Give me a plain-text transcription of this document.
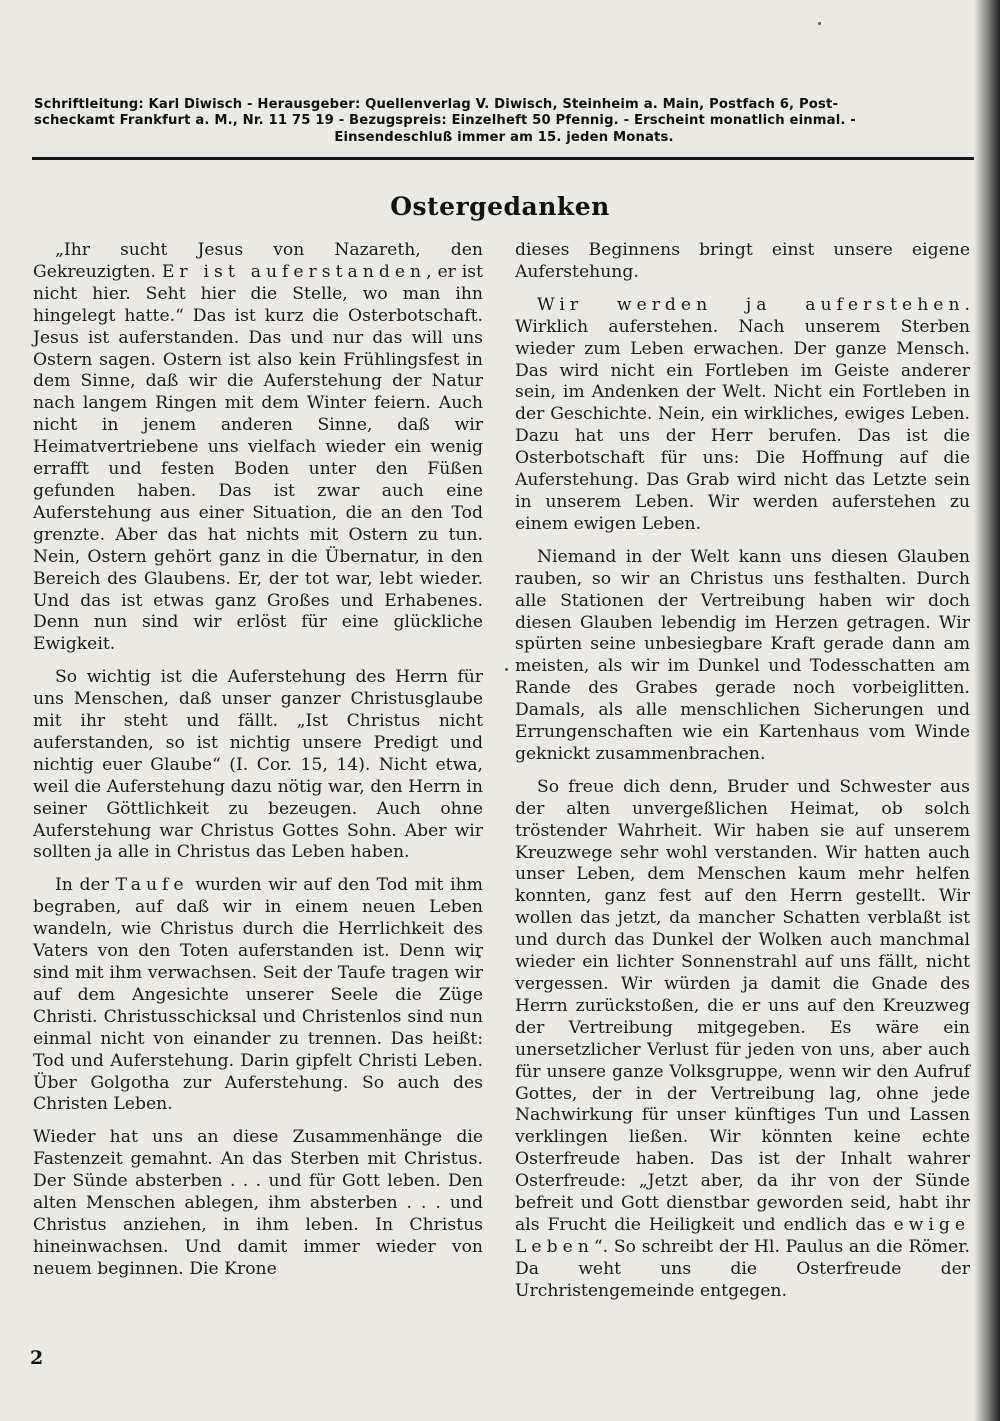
Schriftleitung: Karl Diwisch - Herausgeber: Quellenverlag V. Diwisch, Steinheim a. Main, Postfach 6, Post-
scheckamt Frankfurt a. M., Nr. 11 75 19 - Bezugspreis: Einzelheft 50 Pfennig. - Erscheint monatlich einmal. -
Einsendeschluß immer am 15. jeden Monats.
Ostergedanken

„Ihr sucht Jesus von Nazareth, den Gekreuzigten. Er ist auferstanden, er ist nicht hier. Seht hier die Stelle, wo man ihn hingelegt hatte.“ Das ist kurz die Osterbotschaft. Jesus ist auferstanden. Das und nur das will uns Ostern sagen. Ostern ist also kein Frühlingsfest in dem Sinne, daß wir die Auferstehung der Natur nach langem Ringen mit dem Winter feiern. Auch nicht in jenem anderen Sinne, daß wir Heimatvertriebene uns vielfach wieder ein wenig errafft und festen Boden unter den Füßen gefunden haben. Das ist zwar auch eine Auferstehung aus einer Situation, die an den Tod grenzte. Aber das hat nichts mit Ostern zu tun. Nein, Ostern gehört ganz in die Übernatur, in den Bereich des Glaubens. Er, der tot war, lebt wieder. Und das ist etwas ganz Großes und Erhabenes. Denn nun sind wir erlöst für eine glückliche Ewigkeit.

So wichtig ist die Auferstehung des Herrn für uns Menschen, daß unser ganzer Christusglaube mit ihr steht und fällt. „Ist Christus nicht auferstanden, so ist nichtig unsere Predigt und nichtig euer Glaube“ (I. Cor. 15, 14). Nicht etwa, weil die Auferstehung dazu nötig war, den Herrn in seiner Göttlichkeit zu bezeugen. Auch ohne Auferstehung war Christus Gottes Sohn. Aber wir sollten ja alle in Christus das Leben haben.

In der Taufe wurden wir auf den Tod mit ihm begraben, auf daß wir in einem neuen Leben wandeln, wie Christus durch die Herrlichkeit des Vaters von den Toten auferstanden ist. Denn wir sind mit ihm verwachsen. Seit der Taufe tragen wir auf dem Angesichte unserer Seele die Züge Christi. Christusschicksal und Christenlos sind nun einmal nicht von einander zu trennen. Das heißt: Tod und Auferstehung. Darin gipfelt Christi Leben. Über Golgotha zur Auferstehung. So auch des Christen Leben.

Wieder hat uns an diese Zusammenhänge die Fastenzeit gemahnt. An das Sterben mit Christus. Der Sünde absterben . . . und für Gott leben. Den alten Menschen ablegen, ihm absterben . . . und Christus anziehen, in ihm leben. In Christus hineinwachsen. Und damit immer wieder von neuem beginnen. Die Krone

dieses Beginnens bringt einst unsere eigene Auferstehung.

Wir werden ja auferstehen. Wirklich auferstehen. Nach unserem Sterben wieder zum Leben erwachen. Der ganze Mensch. Das wird nicht ein Fortleben im Geiste anderer sein, im Andenken der Welt. Nicht ein Fortleben in der Geschichte. Nein, ein wirkliches, ewiges Leben. Dazu hat uns der Herr berufen. Das ist die Osterbotschaft für uns: Die Hoffnung auf die Auferstehung. Das Grab wird nicht das Letzte sein in unserem Leben. Wir werden auferstehen zu einem ewigen Leben.

Niemand in der Welt kann uns diesen Glauben rauben, so wir an Christus uns festhalten. Durch alle Stationen der Vertreibung haben wir doch diesen Glauben lebendig im Herzen getragen. Wir spürten seine unbesiegbare Kraft gerade dann am meisten, als wir im Dunkel und Todesschatten am Rande des Grabes gerade noch vorbeiglitten. Damals, als alle menschlichen Sicherungen und Errungenschaften wie ein Kartenhaus vom Winde geknickt zusammenbrachen.

So freue dich denn, Bruder und Schwester aus der alten unvergeßlichen Heimat, ob solch tröstender Wahrheit. Wir haben sie auf unserem Kreuzwege sehr wohl verstanden. Wir hatten auch unser Leben, dem Menschen kaum mehr helfen konnten, ganz fest auf den Herrn gestellt. Wir wollen das jetzt, da mancher Schatten verblaßt ist und durch das Dunkel der Wolken auch manchmal wieder ein lichter Sonnenstrahl auf uns fällt, nicht vergessen. Wir würden ja damit die Gnade des Herrn zurückstoßen, die er uns auf den Kreuzweg der Vertreibung mitgegeben. Es wäre ein unersetzlicher Verlust für jeden von uns, aber auch für unsere ganze Volksgruppe, wenn wir den Aufruf Gottes, der in der Vertreibung lag, ohne jede Nachwirkung für unser künftiges Tun und Lassen verklingen ließen. Wir könnten keine echte Osterfreude haben. Das ist der Inhalt wahrer Osterfreude: „Jetzt aber, da ihr von der Sünde befreit und Gott dienstbar geworden seid, habt ihr als Frucht die Heiligkeit und endlich das ewige Leben“. So schreibt der Hl. Paulus an die Römer. Da weht uns die Osterfreude der Urchristengemeinde entgegen.

2
